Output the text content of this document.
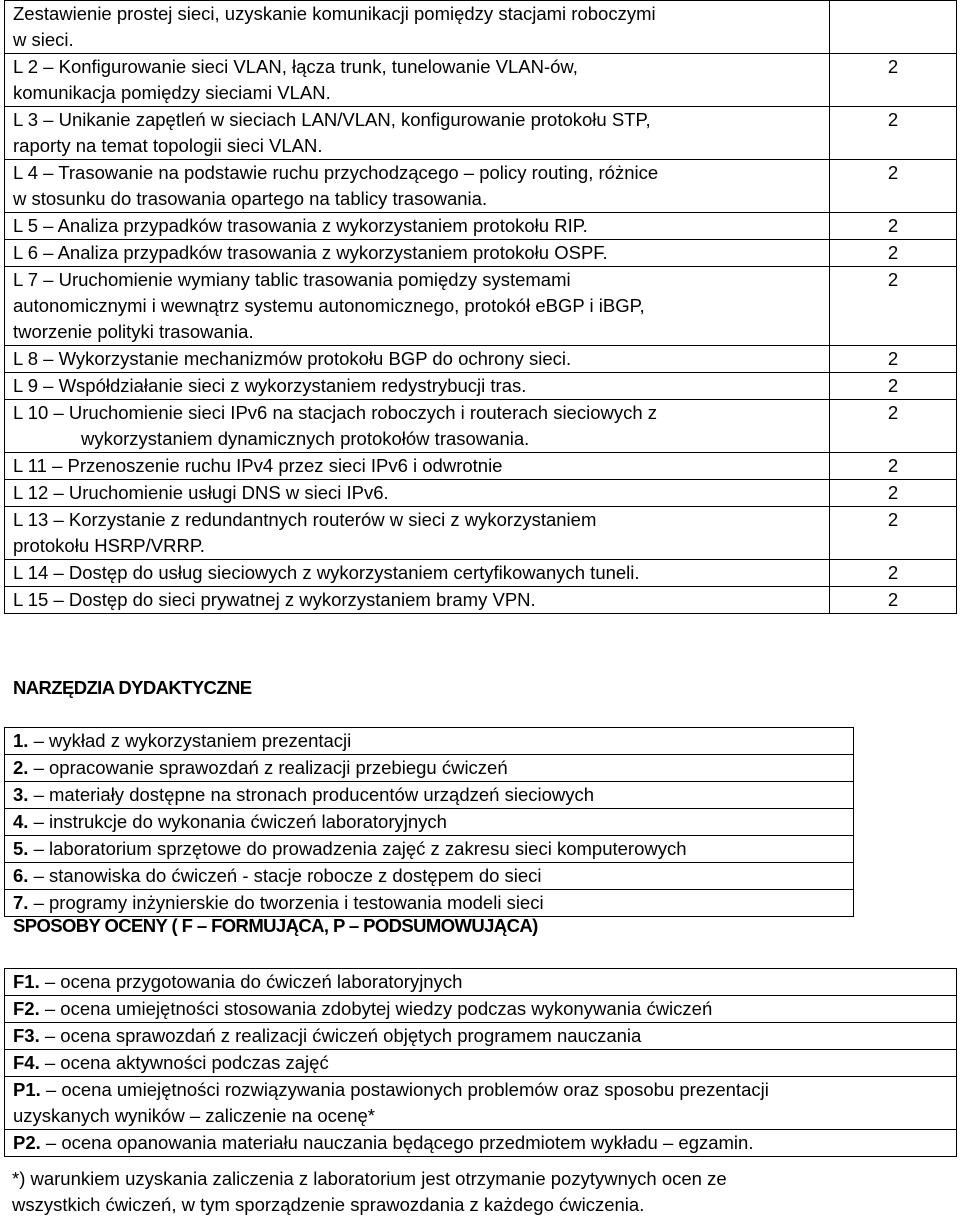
Zestawienie prostej sieci, uzyskanie komunikacji pomiędzy stacjami roboczymi
w sieci.	

L 2 – Konfigurowanie sieci VLAN, łącza trunk, tunelowanie VLAN-ów,
komunikacja pomiędzy sieciami VLAN.	2

L 3 – Unikanie zapętleń w sieciach LAN/VLAN, konfigurowanie protokołu STP,
raporty na temat topologii sieci VLAN.	2

L 4 – Trasowanie na podstawie ruchu przychodzącego – policy routing, różnice
w stosunku do trasowania opartego na tablicy trasowania.	2

L 5 – Analiza przypadków trasowania z wykorzystaniem protokołu RIP.	2

L 6 – Analiza przypadków trasowania z wykorzystaniem protokołu OSPF.	2

L 7 – Uruchomienie wymiany tablic trasowania pomiędzy systemami
autonomicznymi i wewnątrz systemu autonomicznego, protokół eBGP i iBGP,
tworzenie polityki trasowania.	2

L 8 – Wykorzystanie mechanizmów protokołu BGP do ochrony sieci.	2

L 9 – Współdziałanie sieci z wykorzystaniem redystrybucji tras.	2

L 10 – Uruchomienie sieci IPv6 na stacjach roboczych i routerach sieciowych z
wykorzystaniem dynamicznych protokołów trasowania.	2

L 11 – Przenoszenie ruchu IPv4 przez sieci IPv6 i odwrotnie	2

L 12 – Uruchomienie usługi DNS w sieci IPv6.	2

L 13 – Korzystanie z redundantnych routerów w sieci z wykorzystaniem
protokołu HSRP/VRRP.	2

L 14 – Dostęp do usług sieciowych z wykorzystaniem certyfikowanych tuneli.	2

L 15 – Dostęp do sieci prywatnej z wykorzystaniem bramy VPN.	2
NARZĘDZIA DYDAKTYCZNE
1. – wykład z wykorzystaniem prezentacji
2. – opracowanie sprawozdań z realizacji przebiegu ćwiczeń
3. – materiały dostępne na stronach producentów urządzeń sieciowych
4. – instrukcje do wykonania ćwiczeń laboratoryjnych
5. – laboratorium sprzętowe do prowadzenia zajęć z zakresu sieci komputerowych
6. – stanowiska do ćwiczeń - stacje robocze z dostępem do sieci
7. – programy inżynierskie do tworzenia i testowania modeli sieci
SPOSOBY OCENY ( F – FORMUJĄCA, P – PODSUMOWUJĄCA)
F1. – ocena przygotowania do ćwiczeń laboratoryjnych
F2. – ocena umiejętności stosowania zdobytej wiedzy podczas wykonywania ćwiczeń
F3. – ocena sprawozdań z realizacji ćwiczeń objętych programem nauczania
F4. – ocena aktywności podczas zajęć
P1. – ocena umiejętności rozwiązywania postawionych problemów oraz sposobu prezentacji
uzyskanych wyników – zaliczenie na ocenę*

P2. – ocena opanowania materiału nauczania będącego przedmiotem wykładu – egzamin.

*) warunkiem uzyskania zaliczenia z laboratorium jest otrzymanie pozytywnych ocen ze
wszystkich ćwiczeń, w tym sporządzenie sprawozdania z każdego ćwiczenia.
